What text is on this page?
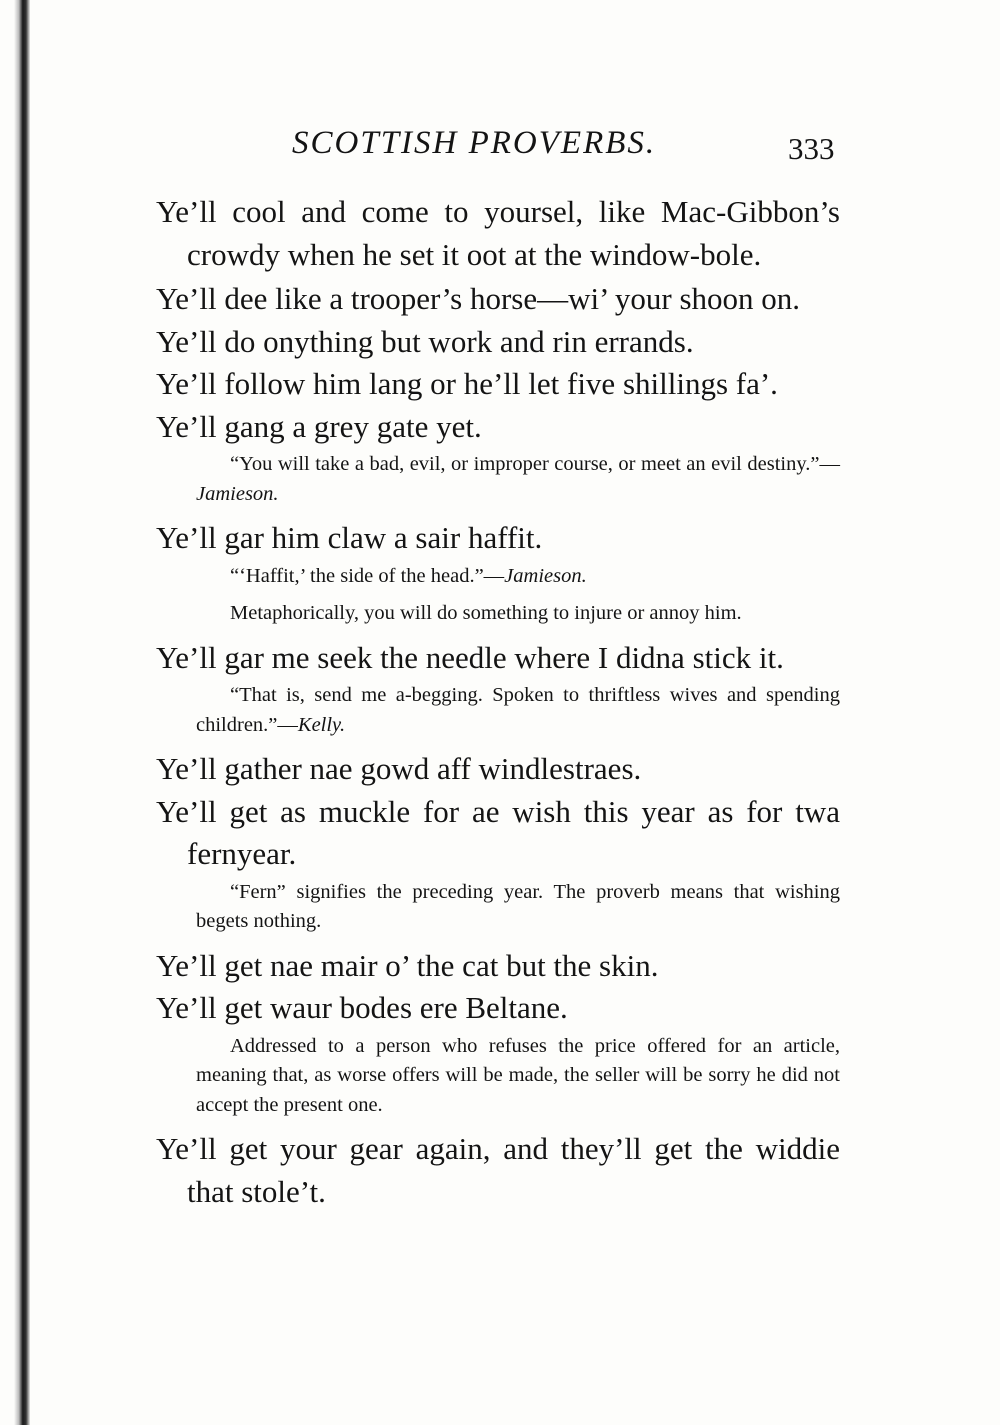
SCOTTISH PROVERBS.	333
Ye’ll cool and come to yoursel, like Mac-Gibbon’s crowdy when he set it oot at the window-bole.
Ye’ll dee like a trooper’s horse—wi’ your shoon on.
Ye’ll do onything but work and rin errands.
Ye’ll follow him lang or he’ll let five shillings fa’.
Ye’ll gang a grey gate yet.
“You will take a bad, evil, or improper course, or meet an evil destiny.”—Jamieson.
Ye’ll gar him claw a sair haffit.
“‘Haffit,’ the side of the head.”—Jamieson.
Metaphorically, you will do something to injure or annoy him.
Ye’ll gar me seek the needle where I didna stick it.
“That is, send me a-begging. Spoken to thriftless wives and spending children.”—Kelly.
Ye’ll gather nae gowd aff windlestraes.
Ye’ll get as muckle for ae wish this year as for twa fernyear.
“Fern” signifies the preceding year. The proverb means that wishing begets nothing.
Ye’ll get nae mair o’ the cat but the skin.
Ye’ll get waur bodes ere Beltane.
Addressed to a person who refuses the price offered for an article, meaning that, as worse offers will be made, the seller will be sorry he did not accept the present one.
Ye’ll get your gear again, and they’ll get the widdie that stole’t.
